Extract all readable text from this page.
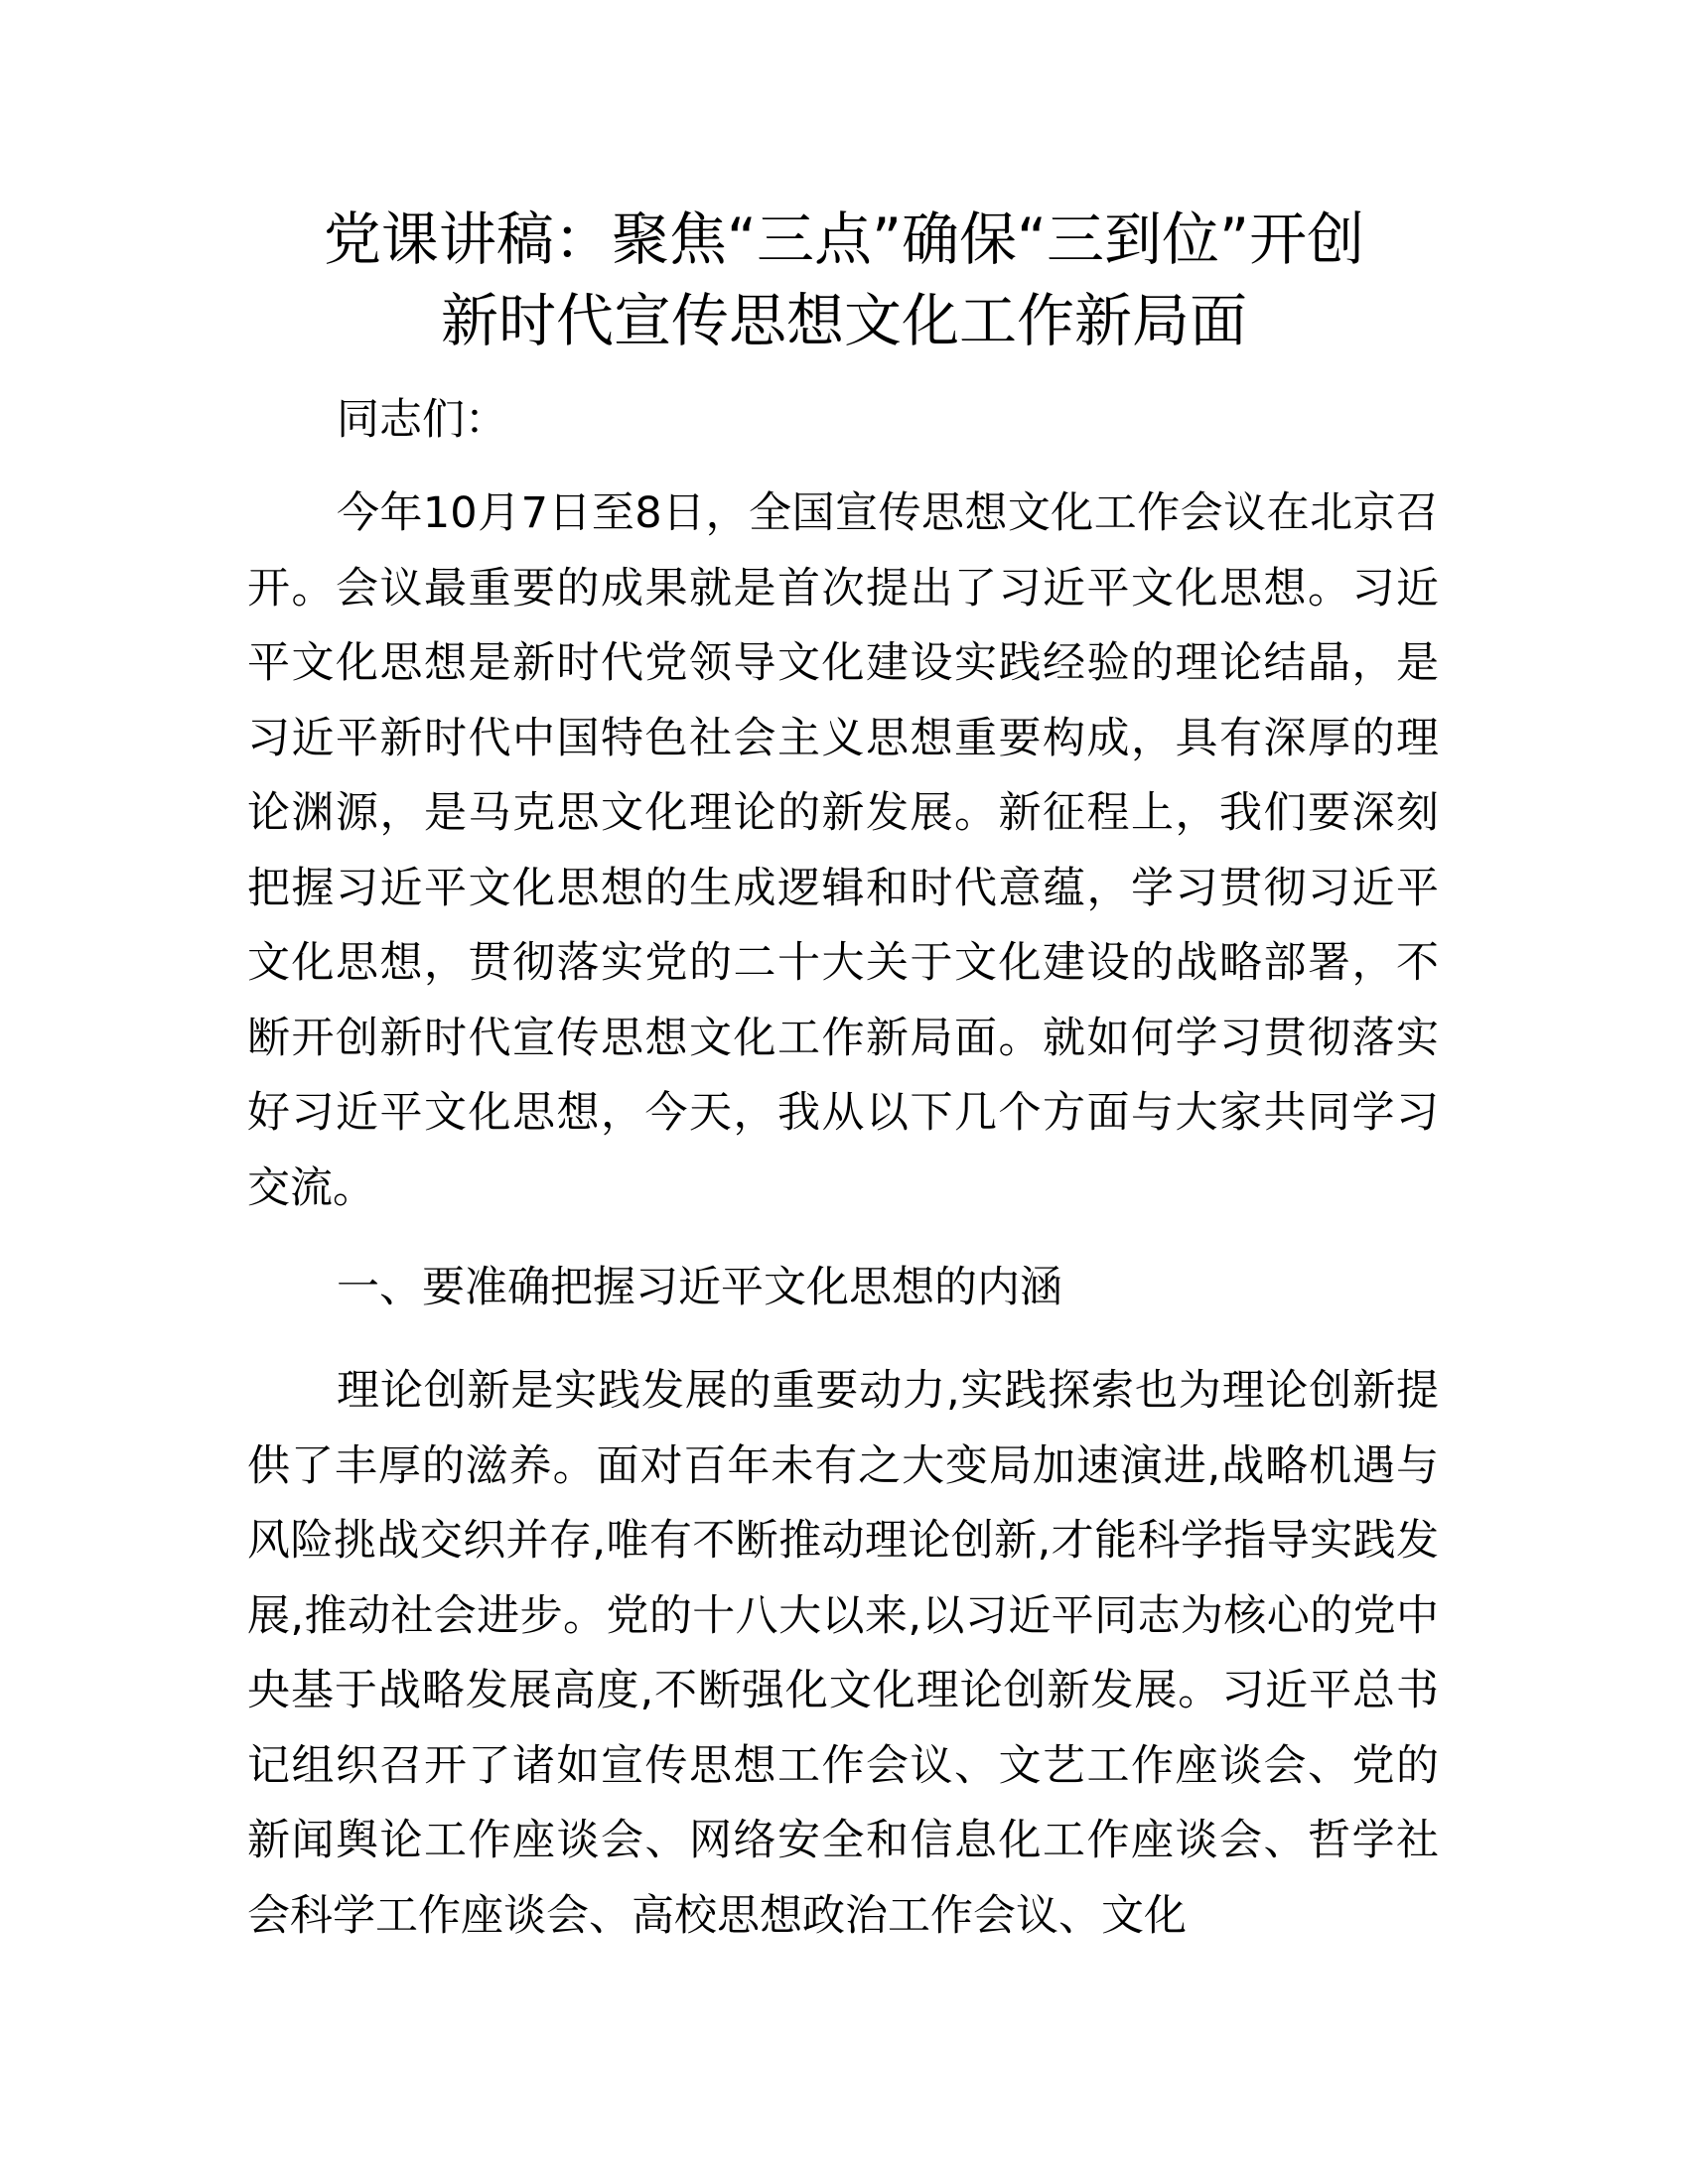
党课讲稿：聚焦“三点”确保“三到位”开创
新时代宣传思想文化工作新局面

同志们：

今年10月7日至8日，全国宣传思想文化工作会议在北京召开。会议最重要的成果就是首次提出了习近平文化思想。习近平文化思想是新时代党领导文化建设实践经验的理论结晶，是习近平新时代中国特色社会主义思想重要构成，具有深厚的理论渊源，是马克思文化理论的新发展。新征程上，我们要深刻把握习近平文化思想的生成逻辑和时代意蕴，学习贯彻习近平文化思想，贯彻落实党的二十大关于文化建设的战略部署，不断开创新时代宣传思想文化工作新局面。就如何学习贯彻落实好习近平文化思想，今天，我从以下几个方面与大家共同学习交流。

一、要准确把握习近平文化思想的内涵

理论创新是实践发展的重要动力,实践探索也为理论创新提供了丰厚的滋养。面对百年未有之大变局加速演进,战略机遇与风险挑战交织并存,唯有不断推动理论创新,才能科学指导实践发展,推动社会进步。党的十八大以来,以习近平同志为核心的党中央基于战略发展高度,不断强化文化理论创新发展。习近平总书记组织召开了诸如宣传思想工作会议、文艺工作座谈会、党的新闻舆论工作座谈会、网络安全和信息化工作座谈会、哲学社会科学工作座谈会、高校思想政治工作会议、文化
